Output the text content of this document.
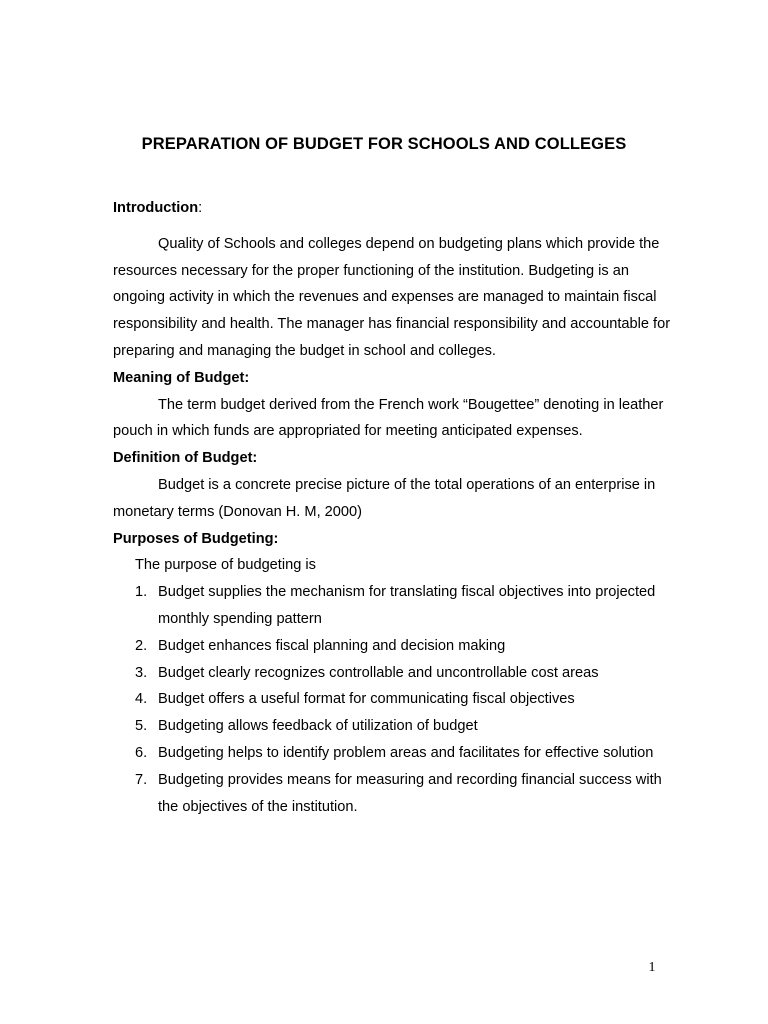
PREPARATION OF BUDGET FOR SCHOOLS AND COLLEGES

Introduction:

Quality of Schools and colleges depend on budgeting plans which provide the resources necessary for the proper functioning of the institution. Budgeting is an ongoing activity in which the revenues and expenses are managed to maintain fiscal responsibility and health. The manager has financial responsibility and accountable for preparing and managing the budget in school and colleges.

Meaning of Budget:

The term budget derived from the French work “Bougettee” denoting in leather pouch in which funds are appropriated for meeting anticipated expenses.

Definition of Budget:

Budget is a concrete precise picture of the total operations of an enterprise in monetary terms (Donovan H. M, 2000)

Purposes of Budgeting:

The purpose of budgeting is

1. Budget supplies the mechanism for translating fiscal objectives into projected monthly spending pattern
2. Budget enhances fiscal planning and decision making
3. Budget clearly recognizes controllable and uncontrollable cost areas
4. Budget offers a useful format for communicating fiscal objectives
5. Budgeting allows feedback of utilization of budget
6. Budgeting helps to identify problem areas and facilitates for effective solution
7. Budgeting provides means for measuring and recording financial success with the objectives of the institution.
1
